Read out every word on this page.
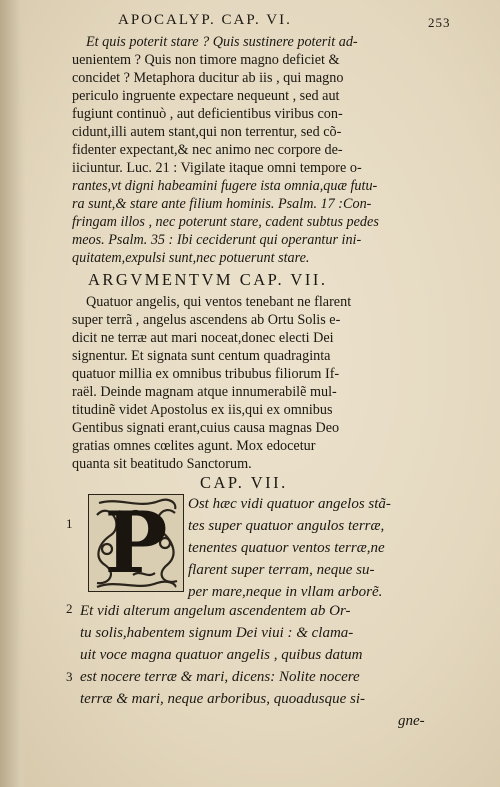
APOCALYP. CAP. VI.	253
Et quis poterit stare ? Quis sustinere poterit ad-
uenientem ? Quis non timore magno deficiet &
concidet ? Metaphora ducitur ab iis , qui magno
periculo ingruente expectare nequeunt , sed aut
fugiunt continuò , aut deficientibus viribus con-
cidunt,illi autem stant,qui non terrentur, sed cõ-
fidenter expectant,& nec animo nec corpore de-
iiciuntur. Luc. 21 : Vigilate itaque omni tempore o-
rantes,vt digni habeamini fugere ista omnia,quæ futu-
ra sunt,& stare ante filium hominis. Psalm. 17 :Con-
fringam illos , nec poterunt stare, cadent subtus pedes
meos. Psalm. 35 : Ibi ceciderunt qui operantur ini-
quitatem,expulsi sunt,nec potuerunt stare.
ARGVMENTVM CAP. VII.
Quatuor angelis, qui ventos tenebant ne flarent
super terrã , angelus ascendens ab Ortu Solis e-
dicit ne terræ aut mari noceat,donec electi Dei
signentur. Et signata sunt centum quadraginta
quatuor millia ex omnibus tribubus filiorum If-
raël. Deinde magnam atque innumerabilẽ mul-
titudinẽ videt Apostolus ex iis,qui ex omnibus
Gentibus signati erant,cuius causa magnas Deo
gratias omnes cœlites agunt. Mox edocetur
quanta sit beatitudo Sanctorum.
CAP. VII.
P
1
2
3
Ost hæc vidi quatuor angelos stã-
tes super quatuor angulos terræ,
tenentes quatuor ventos terræ,ne
flarent super terram, neque su-
per mare,neque in vllam arborẽ.
Et vidi alterum angelum ascendentem ab Or-
tu solis,habentem signum Dei viui : & clama-
uit voce magna quatuor angelis , quibus datum
est nocere terræ & mari, dicens: Nolite nocere
terræ & mari, neque arboribus, quoadusque si-
gne-
